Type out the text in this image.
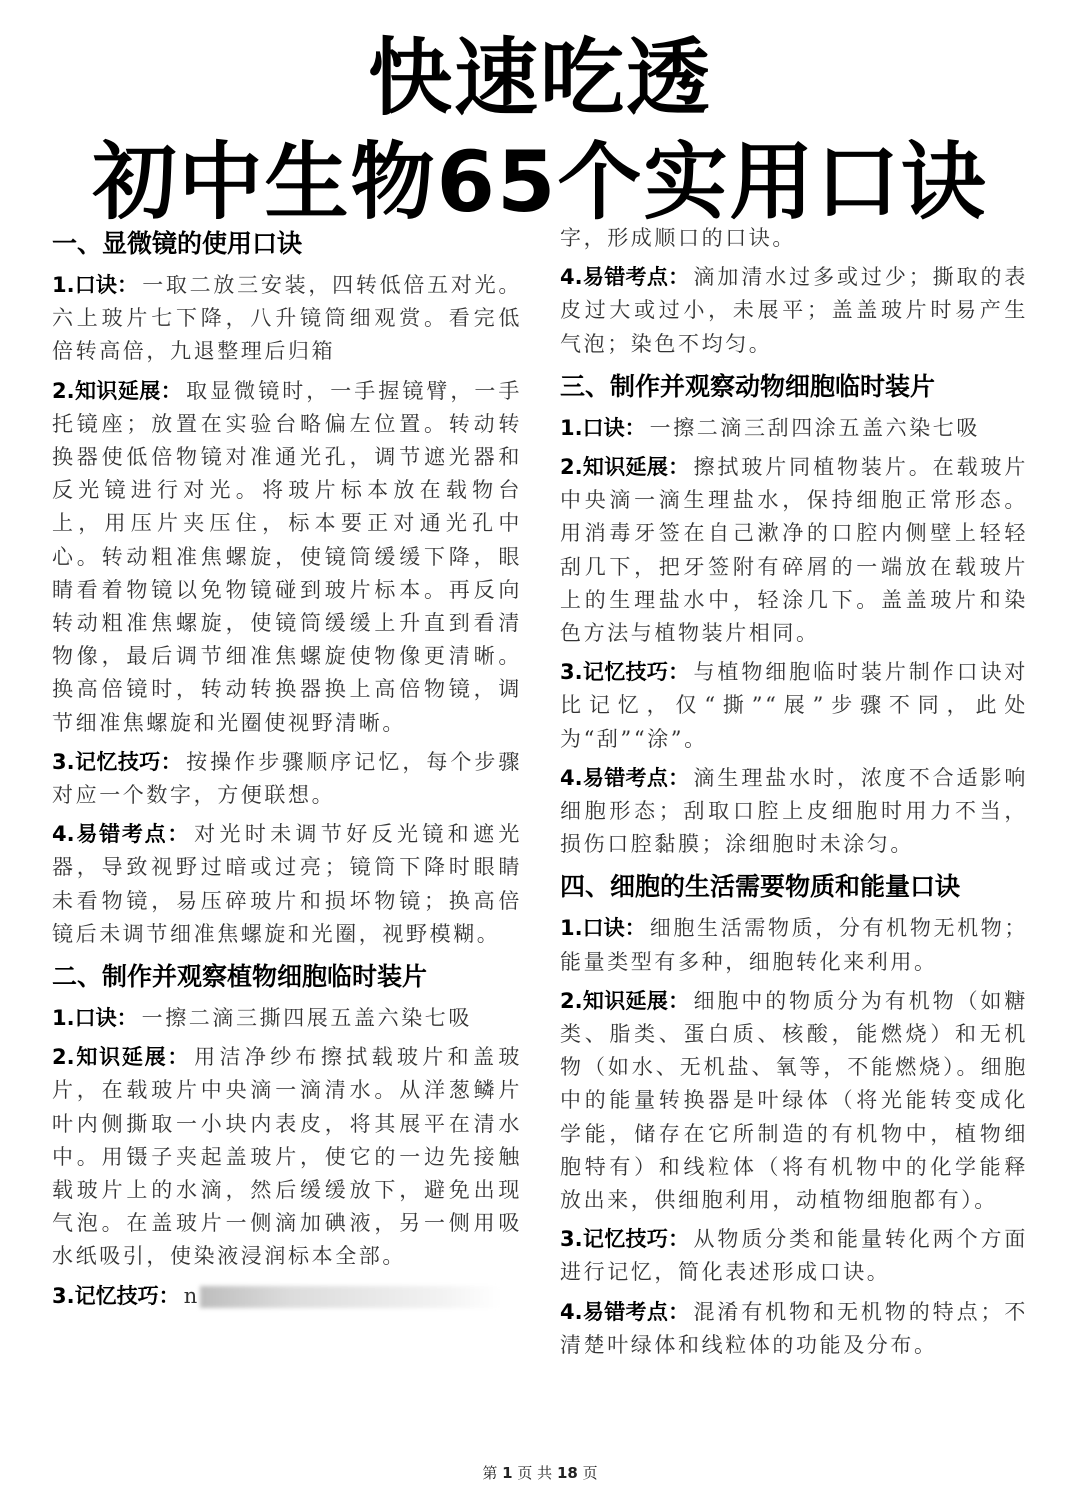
快速吃透
初中生物65个实用口诀
一、显微镜的使用口诀

1.口诀： 一取二放三安装，四转低倍五对光。六上玻片七下降，八升镜筒细观赏。看完低倍转高倍，九退整理后归箱

2.知识延展： 取显微镜时，一手握镜臂，一手托镜座；放置在实验台略偏左位置。转动转换器使低倍物镜对准通光孔，调节遮光器和反光镜进行对光。将玻片标本放在载物台上，用压片夹压住，标本要正对通光孔中心。转动粗准焦螺旋，使镜筒缓缓下降，眼睛看着物镜以免物镜碰到玻片标本。再反向转动粗准焦螺旋，使镜筒缓缓上升直到看清物像，最后调节细准焦螺旋使物像更清晰。换高倍镜时，转动转换器换上高倍物镜，调节细准焦螺旋和光圈使视野清晰。

3.记忆技巧： 按操作步骤顺序记忆，每个步骤对应一个数字，方便联想。

4.易错考点： 对光时未调节好反光镜和遮光器，导致视野过暗或过亮；镜筒下降时眼睛未看物镜，易压碎玻片和损坏物镜；换高倍镜后未调节细准焦螺旋和光圈，视野模糊。

二、制作并观察植物细胞临时装片

1.口诀： 一擦二滴三撕四展五盖六染七吸

2.知识延展： 用洁净纱布擦拭载玻片和盖玻片，在载玻片中央滴一滴清水。从洋葱鳞片叶内侧撕取一小块内表皮，将其展平在清水中。用镊子夹起盖玻片，使它的一边先接触载玻片上的水滴，然后缓缓放下，避免出现气泡。在盖玻片一侧滴加碘液，另一侧用吸水纸吸引，使染液浸润标本全部。

3.记忆技巧： ո

字，形成顺口的口诀。

4.易错考点： 滴加清水过多或过少；撕取的表皮过大或过小，未展平；盖盖玻片时易产生气泡；染色不均匀。

三、制作并观察动物细胞临时装片

1.口诀： 一擦二滴三刮四涂五盖六染七吸

2.知识延展： 擦拭玻片同植物装片。在载玻片中央滴一滴生理盐水，保持细胞正常形态。用消毒牙签在自己漱净的口腔内侧壁上轻轻刮几下，把牙签附有碎屑的一端放在载玻片上的生理盐水中，轻涂几下。盖盖玻片和染色方法与植物装片相同。

3.记忆技巧： 与植物细胞临时装片制作口诀对比记忆，仅“撕”“展”步骤不同，此处为“刮”“涂”。

4.易错考点： 滴生理盐水时，浓度不合适影响细胞形态；刮取口腔上皮细胞时用力不当，损伤口腔黏膜；涂细胞时未涂匀。

四、细胞的生活需要物质和能量口诀

1.口诀： 细胞生活需物质，分有机物无机物；能量类型有多种，细胞转化来利用。

2.知识延展： 细胞中的物质分为有机物（如糖类、脂类、蛋白质、核酸，能燃烧）和无机物（如水、无机盐、氧等，不能燃烧）。细胞中的能量转换器是叶绿体（将光能转变成化学能，储存在它所制造的有机物中，植物细胞特有）和线粒体（将有机物中的化学能释放出来，供细胞利用，动植物细胞都有）。

3.记忆技巧： 从物质分类和能量转化两个方面进行记忆，简化表述形成口诀。

4.易错考点： 混淆有机物和无机物的特点；不清楚叶绿体和线粒体的功能及分布。

第 1 页 共 18 页
